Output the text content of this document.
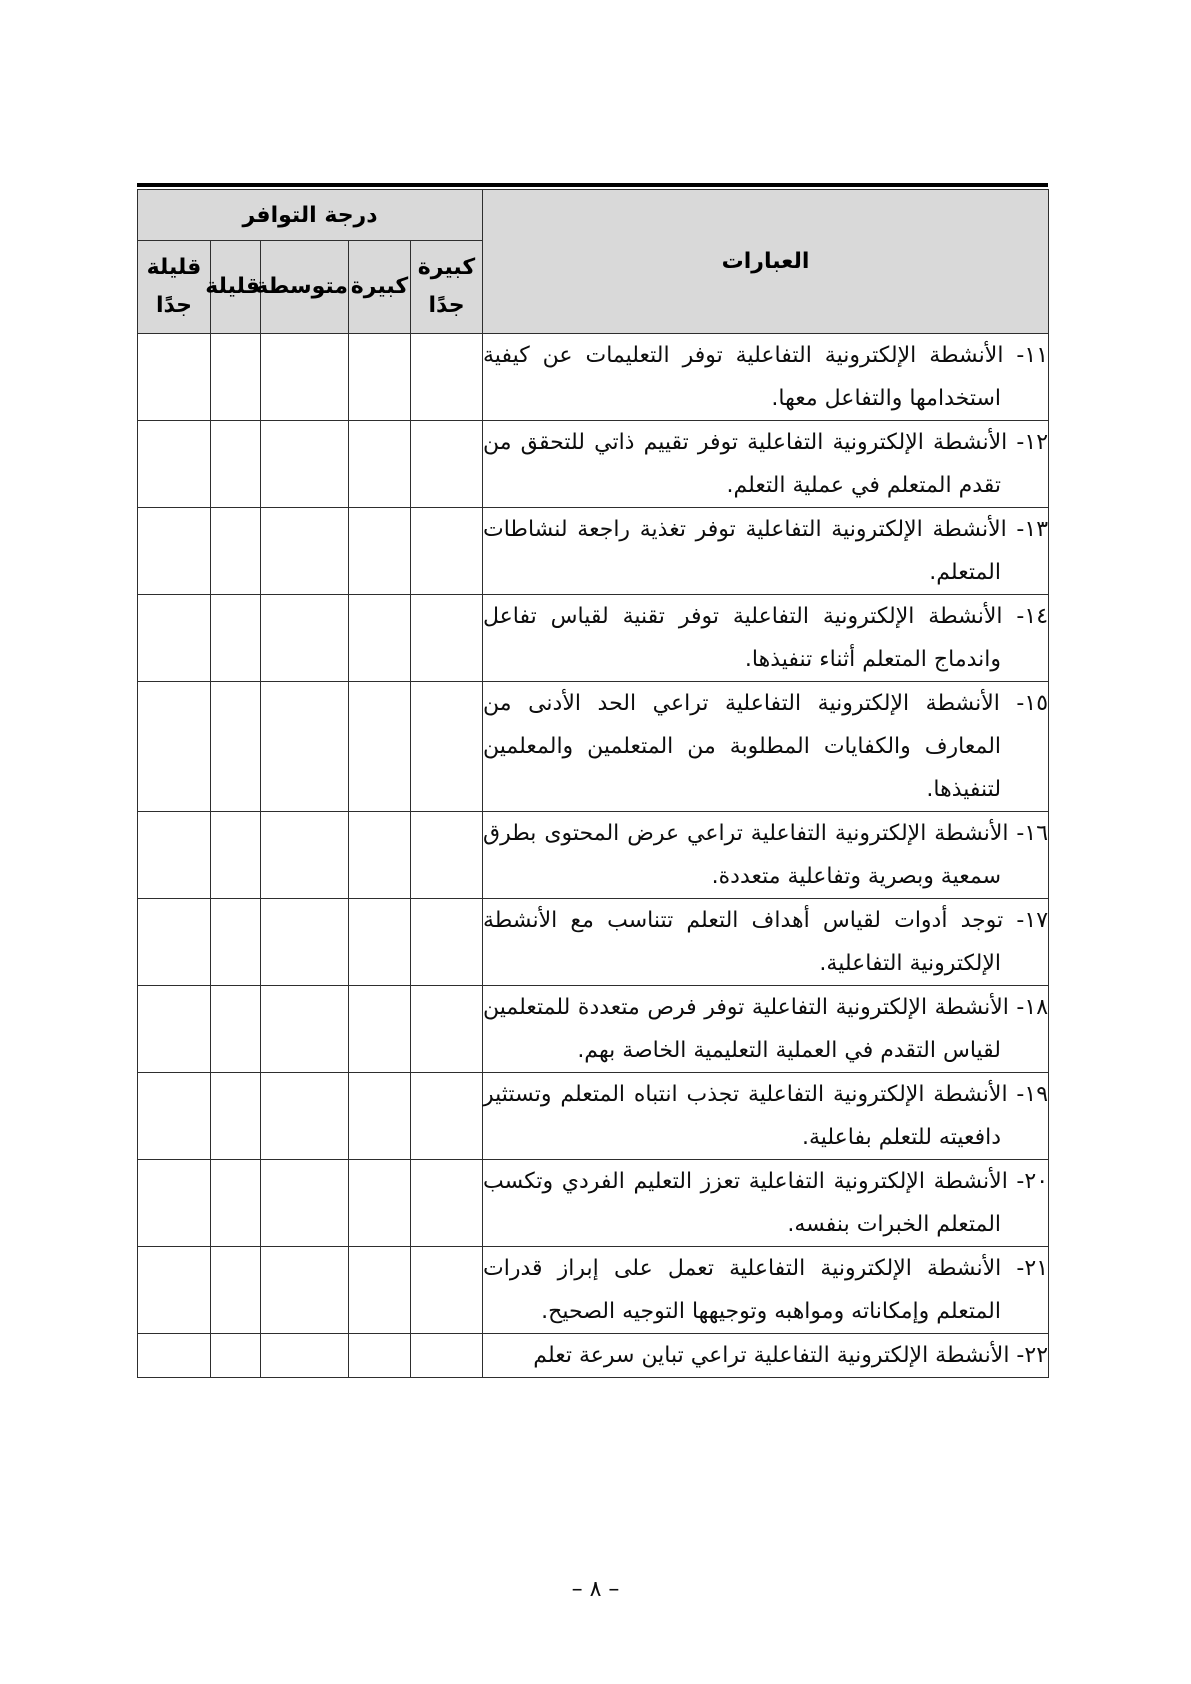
درجة التوافر					العبارات
قليلة جدًا	قليلة	متوسطة	كبيرة	كبيرة جدًا	

					١١- الأنشطة الإلكترونية التفاعلية توفر التعليمات عن كيفية استخدامها والتفاعل معها.

					١٢- الأنشطة الإلكترونية التفاعلية توفر تقييم ذاتي للتحقق من تقدم المتعلم في عملية التعلم.

					١٣- الأنشطة الإلكترونية التفاعلية توفر تغذية راجعة لنشاطات المتعلم.

					١٤- الأنشطة الإلكترونية التفاعلية توفر تقنية لقياس تفاعل واندماج المتعلم أثناء تنفيذها.

					١٥- الأنشطة الإلكترونية التفاعلية تراعي الحد الأدنى من المعارف والكفايات المطلوبة من المتعلمين والمعلمين لتنفيذها.

					١٦- الأنشطة الإلكترونية التفاعلية تراعي عرض المحتوى بطرق سمعية وبصرية وتفاعلية متعددة.

					١٧- توجد أدوات لقياس أهداف التعلم تتناسب مع الأنشطة الإلكترونية التفاعلية.

					١٨- الأنشطة الإلكترونية التفاعلية توفر فرص متعددة للمتعلمين لقياس التقدم في العملية التعليمية الخاصة بهم.

					١٩- الأنشطة الإلكترونية التفاعلية تجذب انتباه المتعلم وتستثير دافعيته للتعلم بفاعلية.

					٢٠- الأنشطة الإلكترونية التفاعلية تعزز التعليم الفردي وتكسب المتعلم الخبرات بنفسه.

					٢١- الأنشطة الإلكترونية التفاعلية تعمل على إبراز قدرات المتعلم وإمكاناته ومواهبه وتوجيهها التوجيه الصحيح.

					٢٢- الأنشطة الإلكترونية التفاعلية تراعي تباين سرعة تعلم

– ٨ –
